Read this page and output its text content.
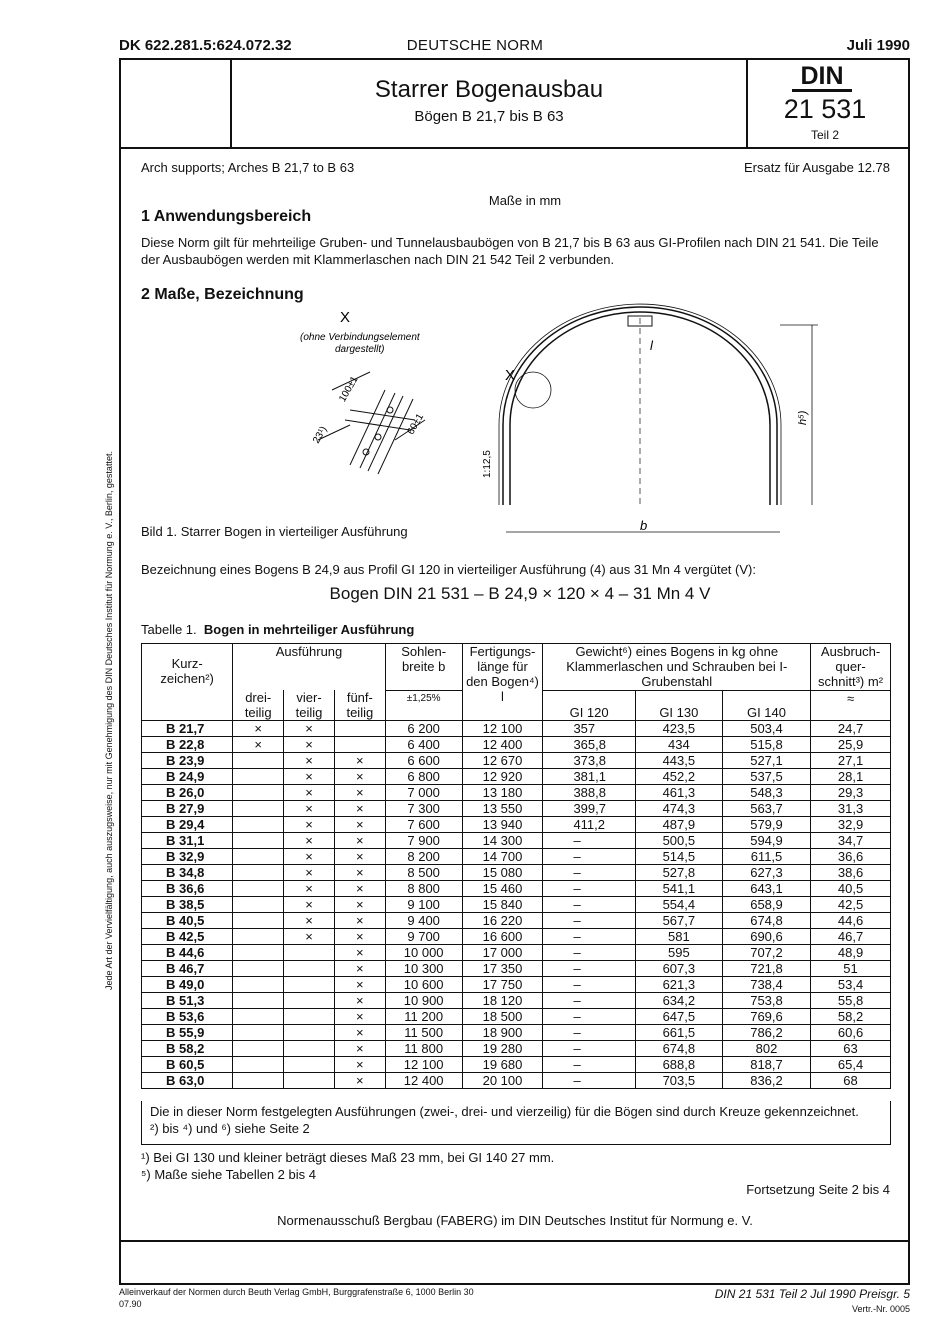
DK 622.281.5:624.072.32	DEUTSCHE NORM	Juli 1990
Starrer Bogenausbau
Bögen B 21,7 bis B 63
DIN
21 531
Teil 2
Arch supports; Arches B 21,7 to B 63	Ersatz für Ausgabe 12.78
Maße in mm
1 Anwendungsbereich
Diese Norm gilt für mehrteilige Gruben- und Tunnelausbaubögen von B 21,7 bis B 63 aus GI-Profilen nach DIN 21 541. Die Teile der Ausbaubögen werden mit Klammerlaschen nach DIN 21 542 Teil 2 verbunden.
2 Maße, Bezeichnung
X
(ohne Verbindungselement
dargestellt)
100±1
60±1
23¹)
X
l
h⁵)
b
1:12,5
Bild 1. Starrer Bogen in vierteiliger Ausführung
Bezeichnung eines Bogens B 24,9 aus Profil GI 120 in vierteiliger Ausführung (4) aus 31 Mn 4 vergütet (V):
Bogen DIN 21 531 – B 24,9 × 120 × 4 – 31 Mn 4 V
Tabelle 1. Bogen in mehrteiliger Ausführung
Kurz-zeichen²)	Ausführung			Sohlen-breite b	Fertigungs-länge für den Bogen⁴) l	Gewicht⁶) eines Bogens in kg ohne Klammerlaschen und Schrauben bei I-Grubenstahl			Ausbruch-quer-schnitt³) m²
	drei-teilig	vier-teilig	fünf-teilig			GI 120	GI 130	GI 140	
				±1,25%					≈
B 21,7	×	×		6 200	12 100	357	423,5	503,4	24,7
B 22,8	×	×		6 400	12 400	365,8	434	515,8	25,9
B 23,9		×	×	6 600	12 670	373,8	443,5	527,1	27,1
B 24,9		×	×	6 800	12 920	381,1	452,2	537,5	28,1
B 26,0		×	×	7 000	13 180	388,8	461,3	548,3	29,3
B 27,9		×	×	7 300	13 550	399,7	474,3	563,7	31,3
B 29,4		×	×	7 600	13 940	411,2	487,9	579,9	32,9
B 31,1		×	×	7 900	14 300	–	500,5	594,9	34,7
B 32,9		×	×	8 200	14 700	–	514,5	611,5	36,6
B 34,8		×	×	8 500	15 080	–	527,8	627,3	38,6
B 36,6		×	×	8 800	15 460	–	541,1	643,1	40,5
B 38,5		×	×	9 100	15 840	–	554,4	658,9	42,5
B 40,5		×	×	9 400	16 220	–	567,7	674,8	44,6
B 42,5		×	×	9 700	16 600	–	581	690,6	46,7
B 44,6			×	10 000	17 000	–	595	707,2	48,9
B 46,7			×	10 300	17 350	–	607,3	721,8	51
B 49,0			×	10 600	17 750	–	621,3	738,4	53,4
B 51,3			×	10 900	18 120	–	634,2	753,8	55,8
B 53,6			×	11 200	18 500	–	647,5	769,6	58,2
B 55,9			×	11 500	18 900	–	661,5	786,2	60,6
B 58,2			×	11 800	19 280	–	674,8	802	63
B 60,5			×	12 100	19 680	–	688,8	818,7	65,4
B 63,0			×	12 400	20 100	–	703,5	836,2	68
Die in dieser Norm festgelegten Ausführungen (zwei-, drei- und vierzeilig) für die Bögen sind durch Kreuze gekennzeichnet.
²) bis ⁴) und ⁶) siehe Seite 2
¹) Bei GI 130 und kleiner beträgt dieses Maß 23 mm, bei GI 140 27 mm.
⁵) Maße siehe Tabellen 2 bis 4
Fortsetzung Seite 2 bis 4
Normenausschuß Bergbau (FABERG) im DIN Deutsches Institut für Normung e. V.
Alleinverkauf der Normen durch Beuth Verlag GmbH, Burggrafenstraße 6, 1000 Berlin 30
07.90
DIN 21 531 Teil 2 Jul 1990 Preisgr. 5
Vertr.-Nr. 0005
Jede Art der Vervielfältigung, auch auszugsweise, nur mit Genehmigung des DIN Deutsches Institut für Normung e. V., Berlin, gestattet.
